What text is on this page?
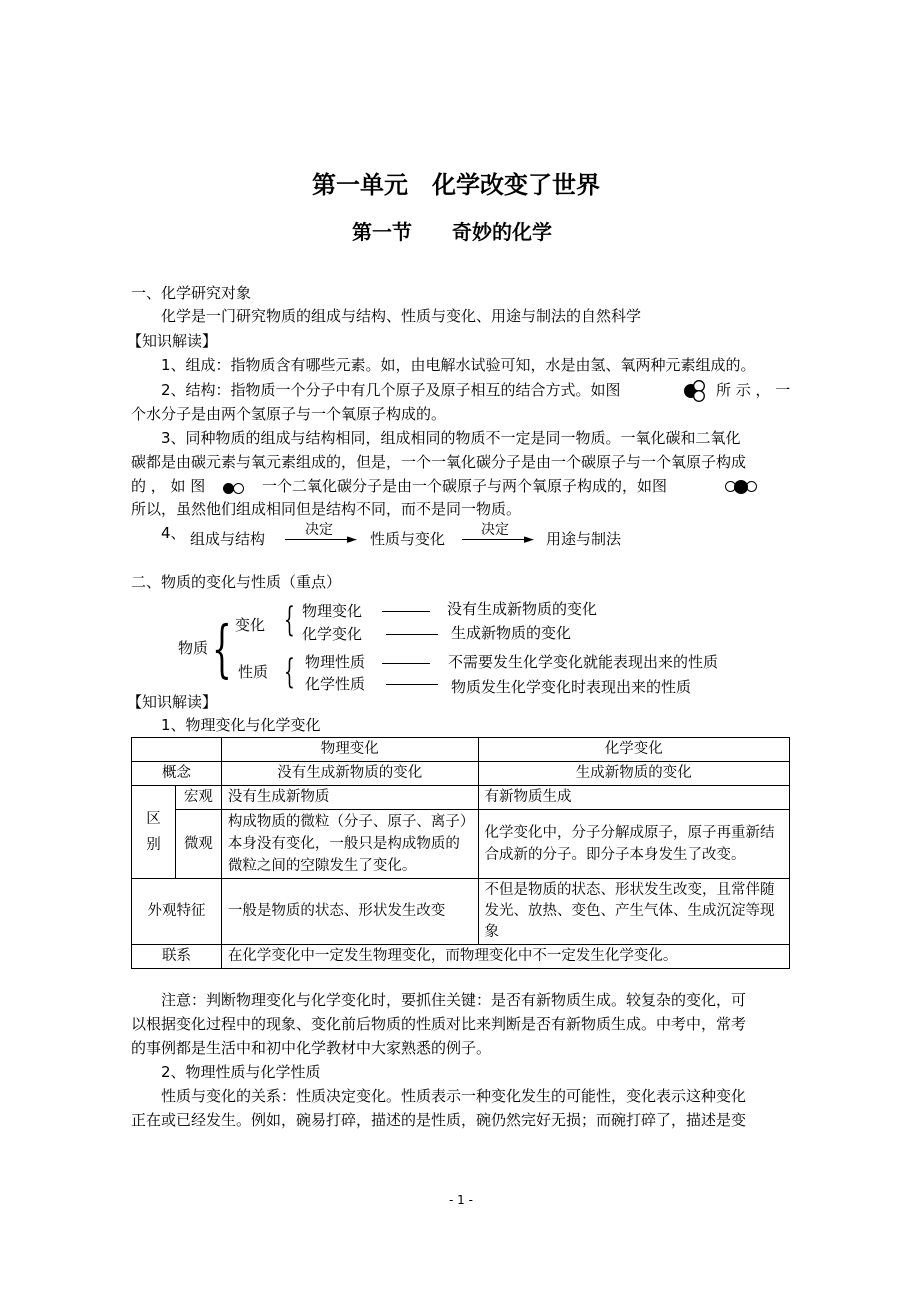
第一单元　化学改变了世界
第一节　　奇妙的化学
一、化学研究对象
化学是一门研究物质的组成与结构、性质与变化、用途与制法的自然科学
【知识解读】
1、组成：指物质含有哪些元素。如，由电解水试验可知，水是由氢、氧两种元素组成的。
2、结构：指物质一个分子中有几个原子及原子相互的结合方式。如图	所 示 ， 一
个水分子是由两个氢原子与一个氧原子构成的。
3、同种物质的组成与结构相同，组成相同的物质不一定是同一物质。一氧化碳和二氧化
碳都是由碳元素与氧元素组成的，但是，一个一氧化碳分子是由一个碳原子与一个氧原子构成
的 ， 如 图	一个二氧化碳分子是由一个碳原子与两个氧原子构成的，如图
所以，虽然他们组成相同但是结构不同，而不是同一物质。
4、 组成与结构	决定
► 性质与变化	决定
► 用途与制法
二、物质的变化与性质（重点）
物质 { 变化
性质
{
{
物理变化	没有生成新物质的变化
化学变化	生成新物质的变化
物理性质	不需要发生化学变化就能表现出来的性质
化学性质	物质发生化学变化时表现出来的性质
【知识解读】
1、物理变化与化学变化
		物理变化	化学变化
概念		没有生成新物质的变化	生成新物质的变化
区别	宏观	没有生成新物质	有新物质生成
	微观	构成物质的微粒（分子、原子、离子）本身没有变化，一般只是构成物质的微粒之间的空隙发生了变化。	化学变化中，分子分解成原子，原子再重新结合成新的分子。即分子本身发生了改变。
外观特征		一般是物质的状态、形状发生改变	不但是物质的状态、形状发生改变，且常伴随发光、放热、变色、产生气体、生成沉淀等现象
联系		在化学变化中一定发生物理变化，而物理变化中不一定发生化学变化。	
注意：判断物理变化与化学变化时，要抓住关键：是否有新物质生成。较复杂的变化，可
以根据变化过程中的现象、变化前后物质的性质对比来判断是否有新物质生成。中考中，常考
的事例都是生活中和初中化学教材中大家熟悉的例子。
2、物理性质与化学性质
性质与变化的关系：性质决定变化。性质表示一种变化发生的可能性，变化表示这种变化
正在或已经发生。例如，碗易打碎，描述的是性质，碗仍然完好无损；而碗打碎了，描述是变
- 1 -
